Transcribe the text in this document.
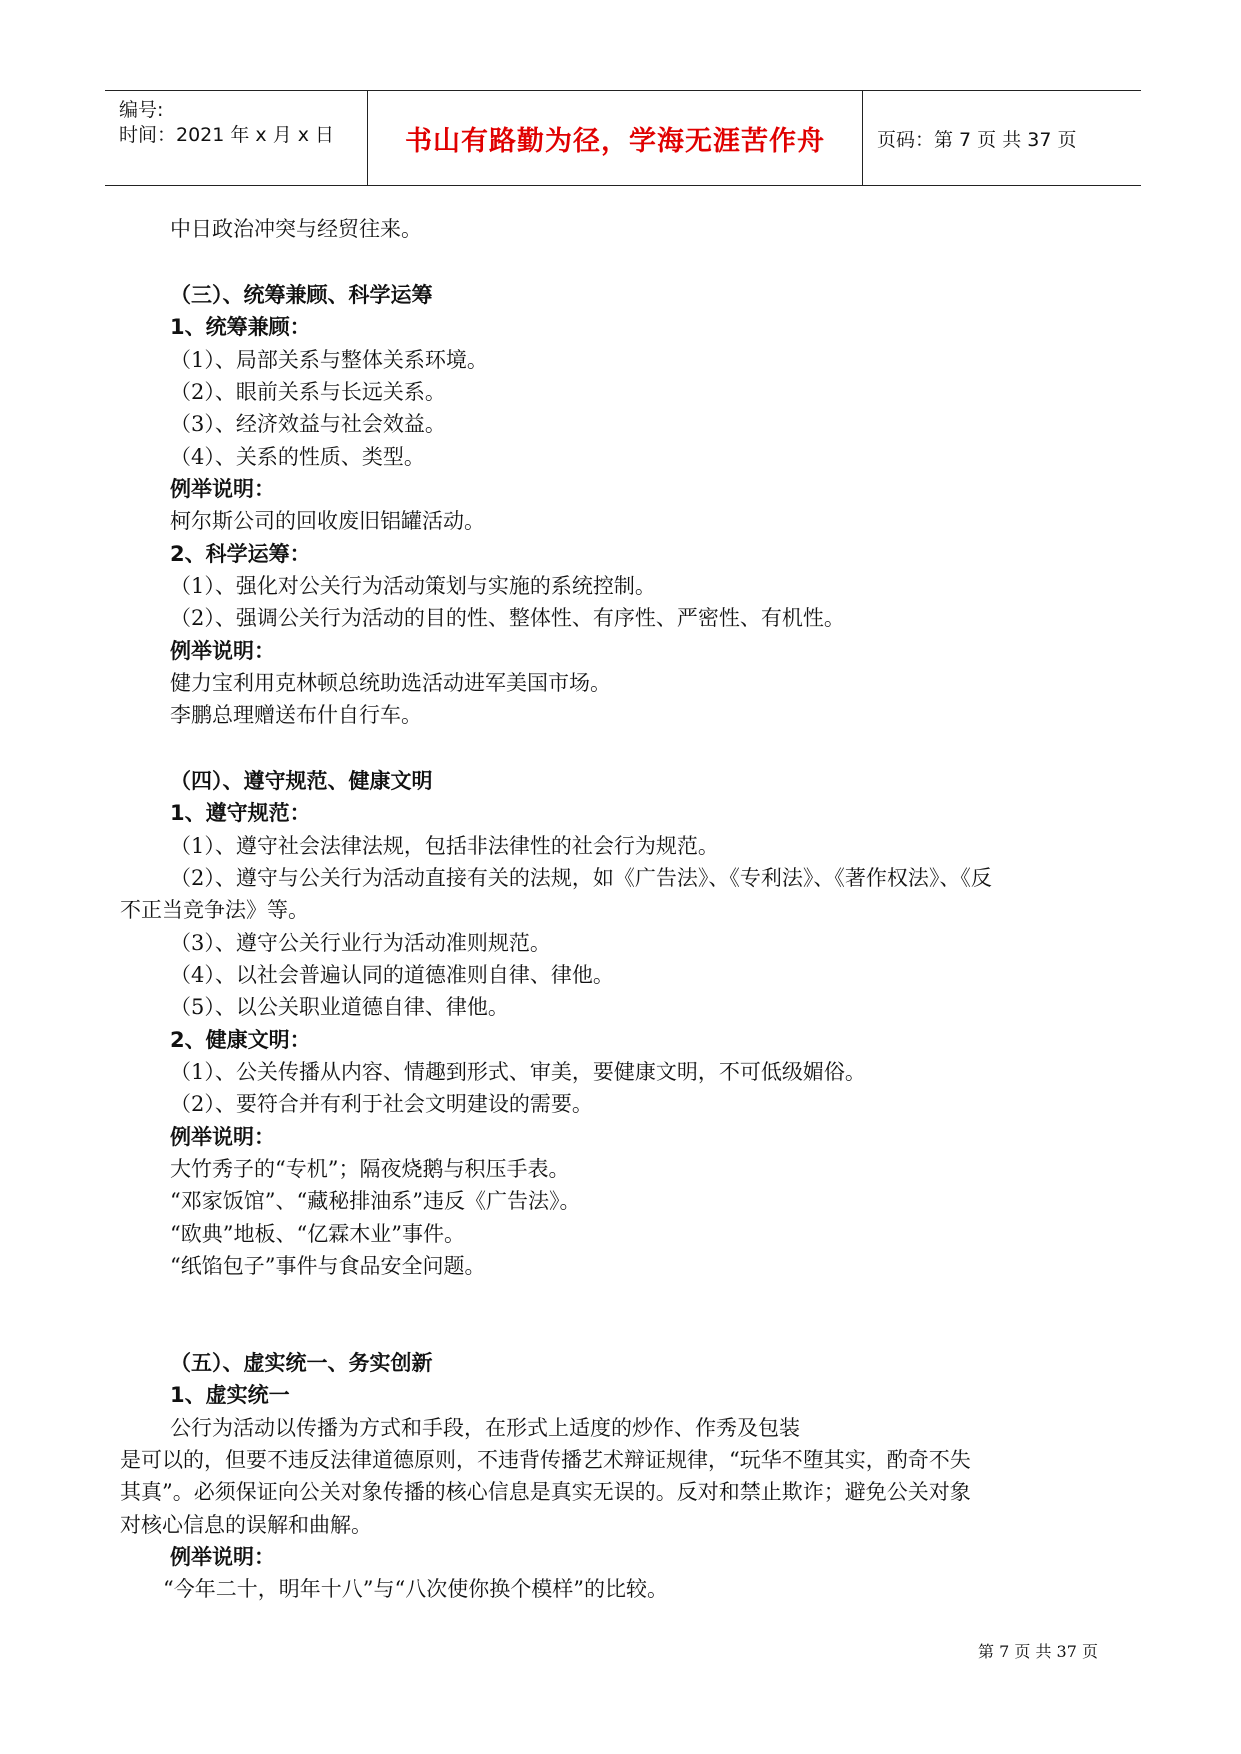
编号:
时间：2021 年 x 月 x 日	书山有路勤为径，学海无涯苦作舟	页码：第 7 页 共 37 页
中日政治冲突与经贸往来。
（三）、统筹兼顾、科学运筹
1、统筹兼顾：
（1）、局部关系与整体关系环境。
（2）、眼前关系与长远关系。
（3）、经济效益与社会效益。
（4）、关系的性质、类型。
例举说明：
柯尔斯公司的回收废旧铝罐活动。
2、科学运筹：
（1）、强化对公关行为活动策划与实施的系统控制。
（2）、强调公关行为活动的目的性、整体性、有序性、严密性、有机性。
例举说明：
健力宝利用克林顿总统助选活动进军美国市场。
李鹏总理赠送布什自行车。
（四）、遵守规范、健康文明
1、遵守规范：
（1）、遵守社会法律法规，包括非法律性的社会行为规范。
（2）、遵守与公关行为活动直接有关的法规，如《广告法》、《专利法》、《著作权法》、《反
不正当竞争法》等。
（3）、遵守公关行业行为活动准则规范。
（4）、以社会普遍认同的道德准则自律、律他。
（5）、以公关职业道德自律、律他。
2、健康文明：
（1）、公关传播从内容、情趣到形式、审美，要健康文明，不可低级媚俗。
（2）、要符合并有利于社会文明建设的需要。
例举说明：
大竹秀子的“专机”；隔夜烧鹅与积压手表。
“邓家饭馆”、“藏秘排油系”违反《广告法》。
“欧典”地板、“亿霖木业”事件。
“纸馅包子”事件与食品安全问题。
（五）、虚实统一、务实创新
1、虚实统一
公行为活动以传播为方式和手段，在形式上适度的炒作、作秀及包装
是可以的，但要不违反法律道德原则，不违背传播艺术辩证规律，“玩华不堕其实，酌奇不失
其真”。必须保证向公关对象传播的核心信息是真实无误的。反对和禁止欺诈；避免公关对象
对核心信息的误解和曲解。
例举说明：
“今年二十，明年十八”与“八次使你换个模样”的比较。
第 7 页 共 37 页
